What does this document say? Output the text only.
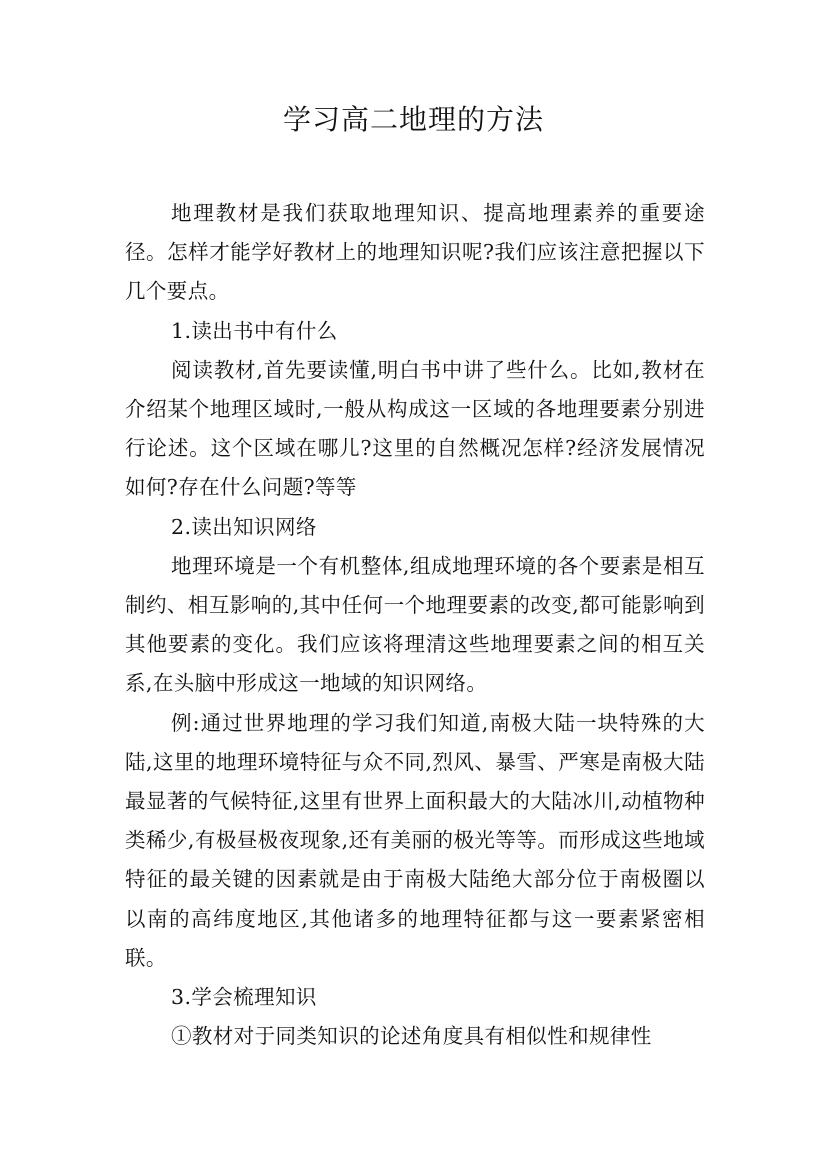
学习高二地理的方法

地理教材是我们获取地理知识、提高地理素养的重要途径。怎样才能学好教材上的地理知识呢?我们应该注意把握以下几个要点。

1.读出书中有什么

阅读教材,首先要读懂,明白书中讲了些什么。比如,教材在介绍某个地理区域时,一般从构成这一区域的各地理要素分别进行论述。这个区域在哪儿?这里的自然概况怎样?经济发展情况如何?存在什么问题?等等

2.读出知识网络

地理环境是一个有机整体,组成地理环境的各个要素是相互制约、相互影响的,其中任何一个地理要素的改变,都可能影响到其他要素的变化。我们应该将理清这些地理要素之间的相互关系,在头脑中形成这一地域的知识网络。

例:通过世界地理的学习我们知道,南极大陆一块特殊的大陆,这里的地理环境特征与众不同,烈风、暴雪、严寒是南极大陆最显著的气候特征,这里有世界上面积最大的大陆冰川,动植物种类稀少,有极昼极夜现象,还有美丽的极光等等。而形成这些地域特征的最关键的因素就是由于南极大陆绝大部分位于南极圈以以南的高纬度地区,其他诸多的地理特征都与这一要素紧密相联。

3.学会梳理知识

①教材对于同类知识的论述角度具有相似性和规律性
